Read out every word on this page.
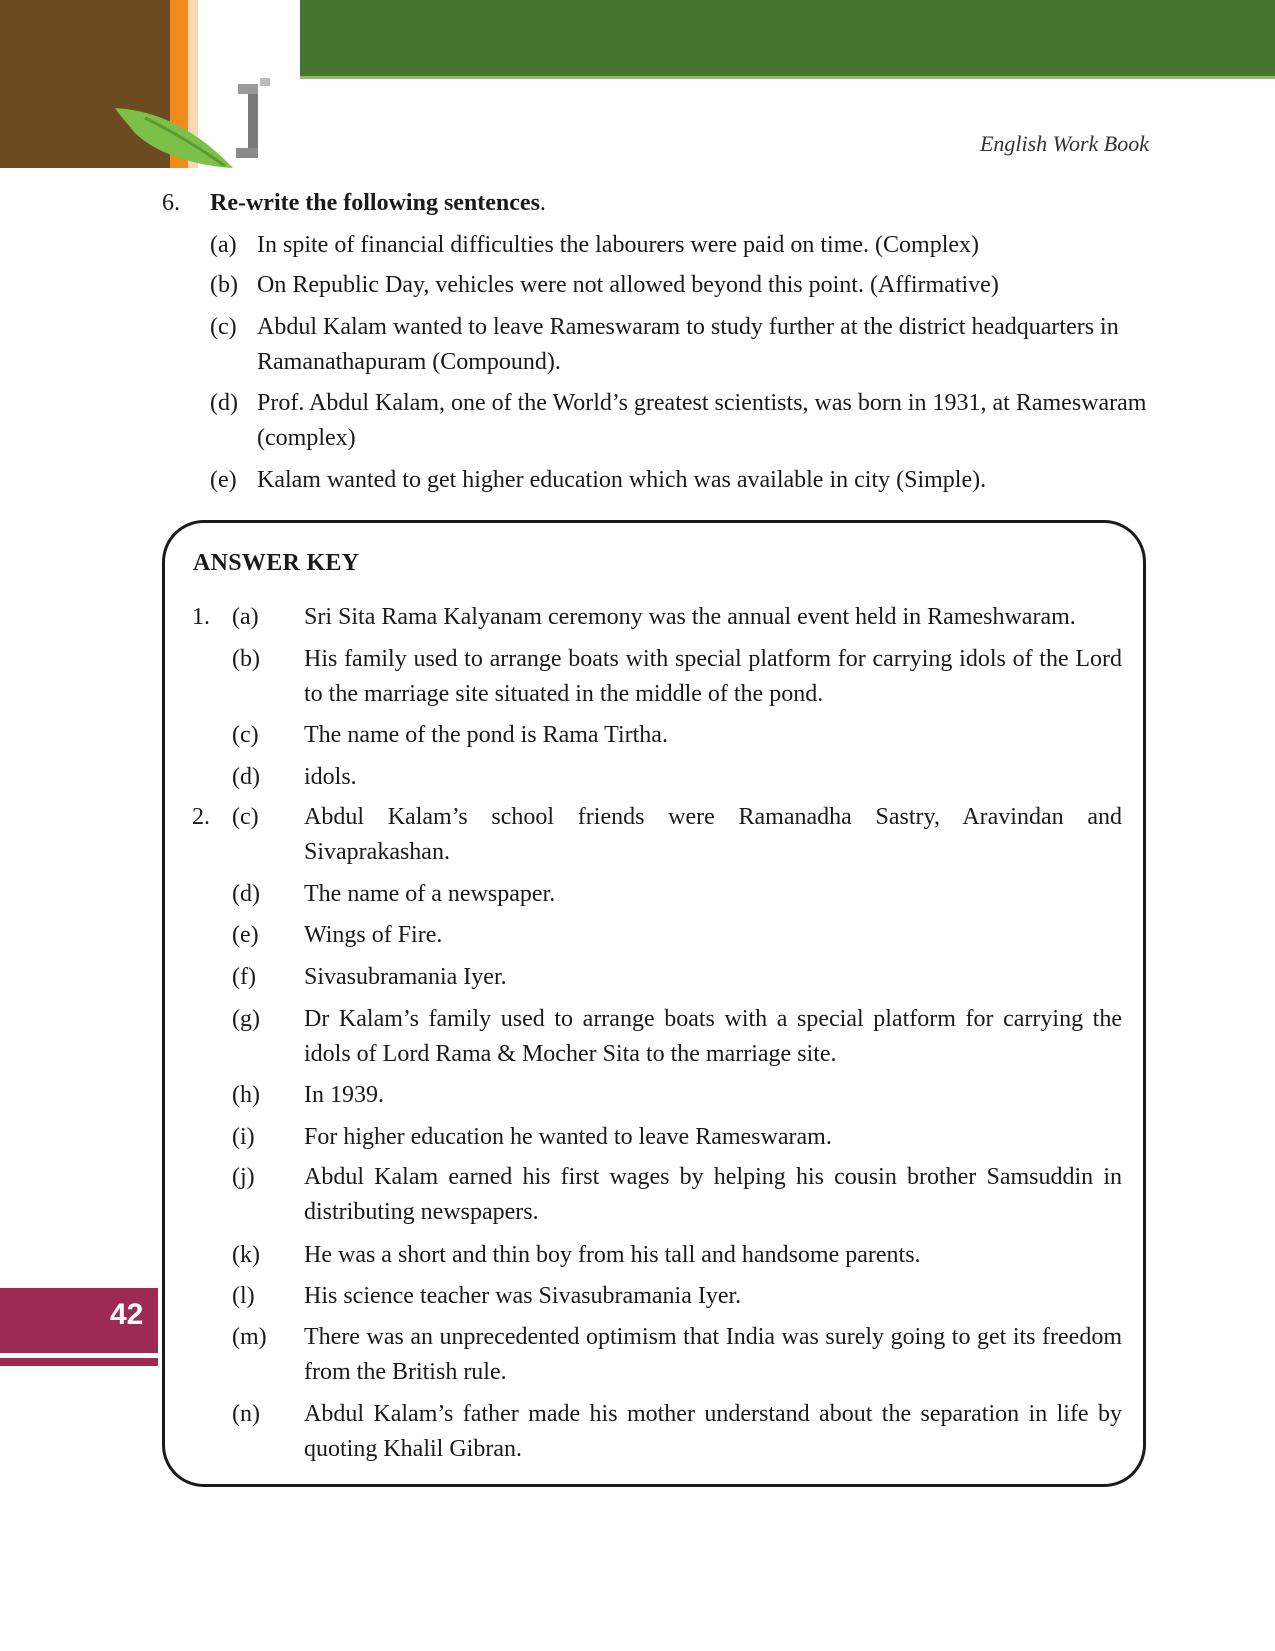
English Work Book
6. Re-write the following sentences.
(a) In spite of financial difficulties the labourers were paid on time. (Complex)
(b) On Republic Day, vehicles were not allowed beyond this point. (Affirmative)
(c) Abdul Kalam wanted to leave Rameswaram to study further at the district headquarters in Ramanathapuram (Compound).
(d) Prof. Abdul Kalam, one of the World’s greatest scientists, was born in 1931, at Rameswaram (complex)
(e) Kalam wanted to get higher education which was available in city (Simple).
ANSWER KEY
1. (a) Sri Sita Rama Kalyanam ceremony was the annual event held in Rameshwaram.
(b) His family used to arrange boats with special platform for carrying idols of the Lord to the marriage site situated in the middle of the pond.
(c) The name of the pond is Rama Tirtha.
(d) idols.
2. (c) Abdul Kalam’s school friends were Ramanadha Sastry, Aravindan and Sivaprakashan.
(d) The name of a newspaper.
(e) Wings of Fire.
(f) Sivasubramania Iyer.
(g) Dr Kalam’s family used to arrange boats with a special platform for carrying the idols of Lord Rama & Mocher Sita to the marriage site.
(h) In 1939.
(i) For higher education he wanted to leave Rameswaram.
(j) Abdul Kalam earned his first wages by helping his cousin brother Samsuddin in distributing newspapers.
(k) He was a short and thin boy from his tall and handsome parents.
(l) His science teacher was Sivasubramania Iyer.
(m) There was an unprecedented optimism that India was surely going to get its freedom from the British rule.
(n) Abdul Kalam’s father made his mother understand about the separation in life by quoting Khalil Gibran.
42
